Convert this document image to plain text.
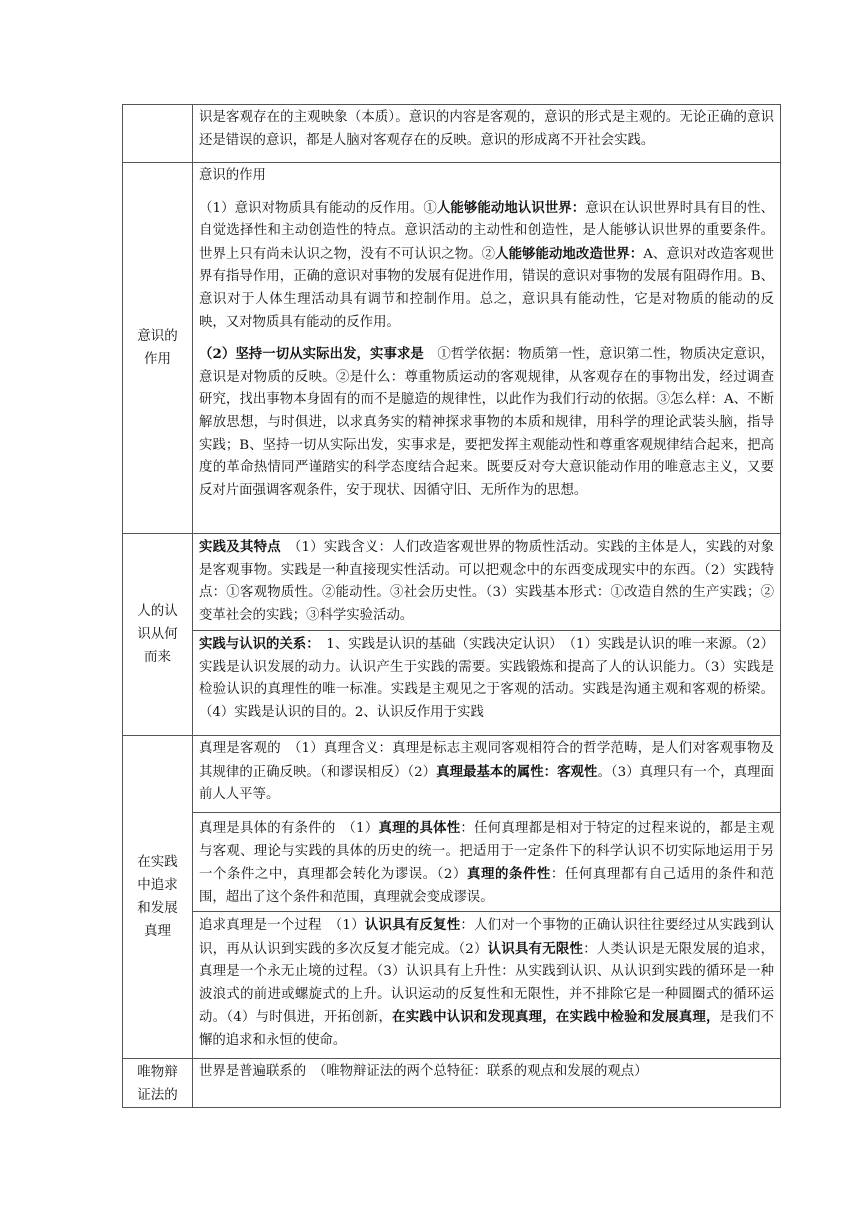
	识是客观存在的主观映象（本质）。意识的内容是客观的，意识的形式是主观的。无论正确的意识还是错误的意识，都是人脑对客观存在的反映。意识的形成离不开社会实践。

意识的作用	意识的作用

（1）意识对物质具有能动的反作用。①人能够能动地认识世界：意识在认识世界时具有目的性、自觉选择性和主动创造性的特点。意识活动的主动性和创造性，是人能够认识世界的重要条件。世界上只有尚未认识之物，没有不可认识之物。②人能够能动地改造世界：A、意识对改造客观世界有指导作用，正确的意识对事物的发展有促进作用，错误的意识对事物的发展有阻碍作用。B、意识对于人体生理活动具有调节和控制作用。总之，意识具有能动性，它是对物质的能动的反映，又对物质具有能动的反作用。

（2）坚持一切从实际出发，实事求是　①哲学依据：物质第一性，意识第二性，物质决定意识，意识是对物质的反映。②是什么：尊重物质运动的客观规律，从客观存在的事物出发，经过调查研究，找出事物本身固有的而不是臆造的规律性，以此作为我们行动的依据。③怎么样：A、不断解放思想，与时俱进，以求真务实的精神探求事物的本质和规律，用科学的理论武装头脑，指导实践；B、坚持一切从实际出发，实事求是，要把发挥主观能动性和尊重客观规律结合起来，把高度的革命热情同严谨踏实的科学态度结合起来。既要反对夸大意识能动作用的唯意志主义，又要反对片面强调客观条件，安于现状、因循守旧、无所作为的思想。

人的认识从何而来	实践及其特点　（1）实践含义：人们改造客观世界的物质性活动。实践的主体是人，实践的对象是客观事物。实践是一种直接现实性活动。可以把观念中的东西变成现实中的东西。（2）实践特点：①客观物质性。②能动性。③社会历史性。（3）实践基本形式：①改造自然的生产实践；②变革社会的实践；③科学实验活动。

	实践与认识的关系：　1、实践是认识的基础（实践决定认识）　（1）实践是认识的唯一来源。（2）实践是认识发展的动力。认识产生于实践的需要。实践锻炼和提高了人的认识能力。（3）实践是检验认识的真理性的唯一标准。实践是主观见之于客观的活动。实践是沟通主观和客观的桥梁。（4）实践是认识的目的。2、认识反作用于实践

在实践中追求和发展真理	真理是客观的　（1）真理含义：真理是标志主观同客观相符合的哲学范畴，是人们对客观事物及其规律的正确反映。（和谬误相反）（2）真理最基本的属性：客观性。（3）真理只有一个，真理面前人人平等。

	真理是具体的有条件的　（1）真理的具体性：任何真理都是相对于特定的过程来说的，都是主观与客观、理论与实践的具体的历史的统一。把适用于一定条件下的科学认识不切实际地运用于另一个条件之中，真理都会转化为谬误。（2）真理的条件性：任何真理都有自己适用的条件和范围，超出了这个条件和范围，真理就会变成谬误。

	追求真理是一个过程　（1）认识具有反复性：人们对一个事物的正确认识往往要经过从实践到认识，再从认识到实践的多次反复才能完成。（2）认识具有无限性：人类认识是无限发展的追求，真理是一个永无止境的过程。（3）认识具有上升性：从实践到认识、从认识到实践的循环是一种波浪式的前进或螺旋式的上升。认识运动的反复性和无限性，并不排除它是一种圆圈式的循环运动。（4）与时俱进，开拓创新，在实践中认识和发现真理，在实践中检验和发展真理，是我们不懈的追求和永恒的使命。

唯物辩证法的	世界是普遍联系的　（唯物辩证法的两个总特征：联系的观点和发展的观点）
